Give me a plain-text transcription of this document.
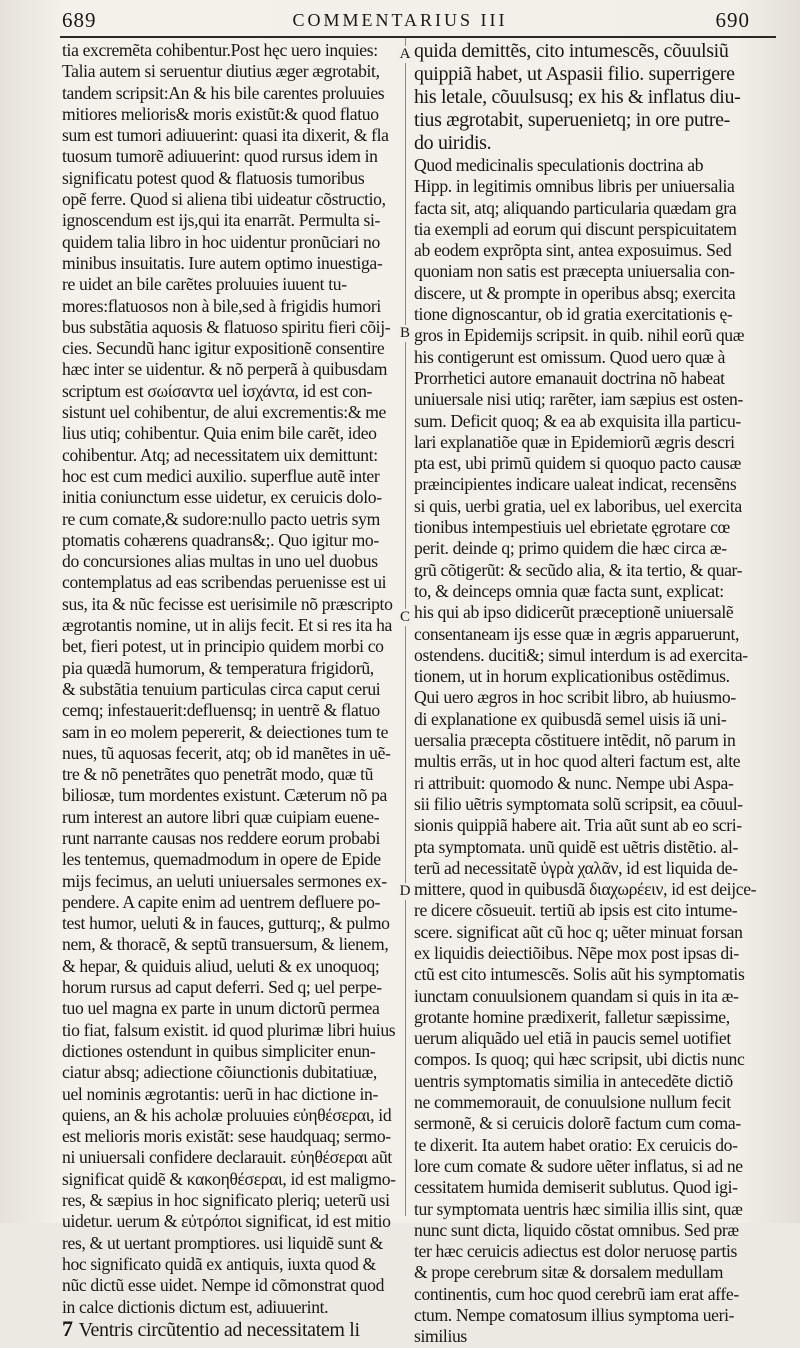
689	COMMENTARIUS III	690
A
B
C
D
tia excremẽta cohibentur.Post hęc uero inquies:
Talia autem si seruentur diutius æger ægrotabit,
tandem scripsit:An & his bile carentes proluuies
mitiores melioris& moris existũt:& quod flatuo
sum est tumori adiuuerint: quasi ita dixerit, & fla
tuosum tumorẽ adiuuerint: quod rursus idem in
significatu potest quod & flatuosis tumoribus
opẽ ferre. Quod si aliena tibi uideatur cõstructio,
ignoscendum est ijs,qui ita enarrãt. Permulta si-
quidem talia libro in hoc uidentur pronũciari no
minibus insuitatis. Iure autem optimo inuestiga-
re uidet an bile carẽtes proluuies iuuent tu-
mores:flatuosos non à bile,sed à frigidis humori
bus substãtia aquosis & flatuoso spiritu fieri cõij-
cies. Secundũ hanc igitur expositionẽ consentire
hæc inter se uidentur. & nõ perperã à quibusdam
scriptum est σωίσαντα uel ἰσχάντα, id est con-
sistunt uel cohibentur, de alui excrementis:& me
lius utiq; cohibentur. Quia enim bile carẽt, ideo
cohibentur. Atq; ad necessitatem uix demittunt:
hoc est cum medici auxilio. superflue autẽ inter
initia coniunctum esse uidetur, ex ceruicis dolo-
re cum comate,& sudore:nullo pacto uetris sym
ptomatis cohærens quadrans&;. Quo igitur mo-
do concursiones alias multas in uno uel duobus
contemplatus ad eas scribendas peruenisse est ui
sus, ita & nũc fecisse est uerisimile nõ præscripto
ægrotantis nomine, ut in alijs fecit. Et si res ita ha
bet, fieri potest, ut in principio quidem morbi co
pia quædã humorum, & temperatura frigidorũ,
& substãtia tenuium particulas circa caput cerui
cemq; infestauerit:defluensq; in uentrẽ & flatuo
sam in eo molem pepererit, & deiectiones tum te
nues, tũ aquosas fecerit, atq; ob id manẽtes in uẽ-
tre & nõ penetrãtes quo penetrãt modo, quæ tũ
biliosæ, tum mordentes existunt. Cæterum nõ pa
rum interest an autore libri quæ cuipiam euene-
runt narrante causas nos reddere eorum probabi
les tentemus, quemadmodum in opere de Epide
mijs fecimus, an ueluti uniuersales sermones ex-
pendere. A capite enim ad uentrem defluere po-
test humor, ueluti & in fauces, gutturq;, & pulmo
nem, & thoracẽ, & septũ transuersum, & lienem,
& hepar, & quiduis aliud, ueluti & ex unoquoq;
horum rursus ad caput deferri. Sed q; uel perpe-
tuo uel magna ex parte in unum dictorũ permea
tio fiat, falsum existit. id quod plurimæ libri huius
dictiones ostendunt in quibus simpliciter enun-
ciatur absq; adiectione cõiunctionis dubitatiuæ,
uel nominis ægrotantis: uerũ in hac dictione in-
quiens, an & his acholæ proluuies εὐηθέσεραι, id
est melioris moris existãt: sese haudquaq; sermo-
ni uniuersali confidere declarauit. εὐηθέσεραι aũt
significat quidẽ & κακοηθέσεραι, id est maligmo-
res, & sæpius in hoc significato pleriq; ueterũ usi
uidetur. uerum & εὐτρόποι significat, id est mitio
res, & ut uertant promptiores. usi liquidẽ sunt &
hoc significato quidã ex antiquis, iuxta quod &
nũc dictũ esse uidet. Nempe id cõmonstrat quod
in calce dictionis dictum est, adiuuerint.
7 Ventris circũtentio ad necessitatem li
quida demittẽs, cito intumescẽs, cõuulsiũ
quippiã habet, ut Aspasii filio. superrigere
his letale, cõuulsusq; ex his & inflatus diu-
tius ægrotabit, superuenietq; in ore putre-
do uiridis.
Quod medicinalis speculationis doctrina ab
Hipp. in legitimis omnibus libris per uniuersalia
facta sit, atq; aliquando particularia quædam gra
tia exempli ad eorum qui discunt perspicuitatem
ab eodem exprõpta sint, antea exposuimus. Sed
quoniam non satis est præcepta uniuersalia con-
discere, ut & prompte in operibus absq; exercita
tione dignoscantur, ob id gratia exercitationis ę-
gros in Epidemijs scripsit. in quib. nihil eorũ quæ
his contigerunt est omissum. Quod uero quæ à
Prorrhetici autore emanauit doctrina nõ habeat
uniuersale nisi utiq; rarẽter, iam sæpius est osten-
sum. Deficit quoq; & ea ab exquisita illa particu-
lari explanatiõe quæ in Epidemiorũ ægris descri
pta est, ubi primũ quidem si quoquo pacto causæ
præincipientes indicare ualeat indicat, recensẽns
si quis, uerbi gratia, uel ex laboribus, uel exercita
tionibus intempestiuis uel ebrietate ęgrotare cœ
perit. deinde q; primo quidem die hæc circa æ-
grũ cõtigerũt: & secũdo alia, & ita tertio, & quar-
to, & deinceps omnia quæ facta sunt, explicat:
his qui ab ipso didicerũt præceptionẽ uniuersalẽ
consentaneam ijs esse quæ in ægris apparuerunt,
ostendens. duciti&; simul interdum is ad exercita-
tionem, ut in horum explicationibus ostẽdimus.
Qui uero ægros in hoc scribit libro, ab huiusmo-
di explanatione ex quibusdã semel uisis iã uni-
uersalia præcepta cõstituere intẽdit, nõ parum in
multis errãs, ut in hoc quod alteri factum est, alte
ri attribuit: quomodo & nunc. Nempe ubi Aspa-
sii filio uẽtris symptomata solũ scripsit, ea cõuul-
sionis quippiã habere ait. Tria aũt sunt ab eo scri-
pta symptomata. unũ quidẽ est uẽtris distẽtio. al-
terũ ad necessitatẽ ὑγρὰ χαλᾶν, id est liquida de-
mittere, quod in quibusdã διαχωρέειν, id est deijce-
re dicere cõsueuit. tertiũ ab ipsis est cito intume-
scere. significat aũt cũ hoc q; uẽter minuat forsan
ex liquidis deiectiõibus. Nẽpe mox post ipsas di-
ctũ est cito intumescẽs. Solis aũt his symptomatis
iunctam conuulsionem quandam si quis in ita æ-
grotante homine prædixerit, falletur sæpissime,
uerum aliquãdo uel etiã in paucis semel uotifiet
compos. Is quoq; qui hæc scripsit, ubi dictis nunc
uentris symptomatis similia in antecedẽte dictiõ
ne commemorauit, de conuulsione nullum fecit
sermonẽ, & si ceruicis dolorẽ factum cum coma-
te dixerit. Ita autem habet oratio: Ex ceruicis do-
lore cum comate & sudore uẽter inflatus, si ad ne
cessitatem humida demiserit sublutus. Quod igi-
tur symptomata uentris hæc similia illis sint, quæ
nunc sunt dicta, liquido cõstat omnibus. Sed præ
ter hæc ceruicis adiectus est dolor neruosę partis
& prope cerebrum sitæ & dorsalem medullam
continentis, cum hoc quod cerebrũ iam erat affe-
ctum. Nempe comatosum illius symptoma ueri-
similius
